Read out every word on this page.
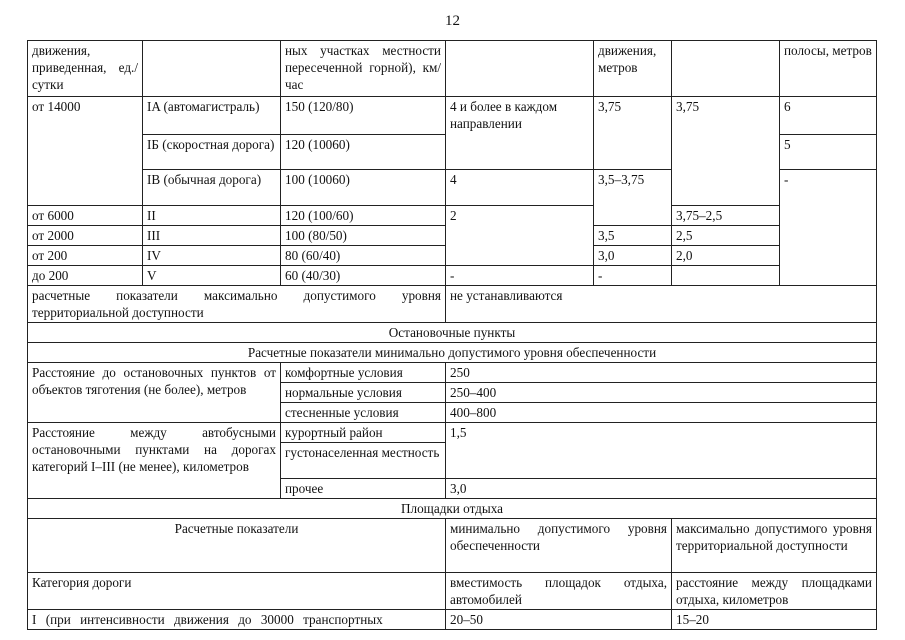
12
движения, приведенная, ед./сутки		ных участках местности пересеченной горной), км/час		движения, метров		полосы, метров
от 14000	IA (автомагистраль)	150 (120/80)	4 и более в каждом направлении	3,75	3,75	6
	IБ (скоростная дорога)	120 (10060)				5
	IB (обычная дорога)	100 (10060)	4	3,5–3,75		-
от 6000	II	120 (100/60)	2		3,75–2,5	
от 2000	III	100 (80/50)		3,5	2,5	
от 200	IV	80 (60/40)		3,0	2,0	
до 200	V	60 (40/30)	-	-		
расчетные показатели максимально допустимого уровня территориальной доступности			не устанавливаются			
Остановочные пункты						
Расчетные показатели минимально допустимого уровня обеспеченности						
Расстояние до остановочных пунктов от объектов тяготения (не более), метров		комфортные условия	250			
		нормальные условия	250–400			
		стесненные условия	400–800			
Расстояние между автобусными остановочными пунктами на дорогах категорий I–III (не менее), километров		курортный район	1,5			
		густонаселенная местность				
		прочее	3,0			
Площадки отдыха						
Расчетные показатели			минимально допустимого уровня обеспеченности		максимально допустимого уровня территориальной доступности	
Категория дороги			вместимость площадок отдыха, автомобилей		расстояние между площадками отдыха, километров	
I (при интенсивности движения до 30000 транспортных			20–50		15–20	
